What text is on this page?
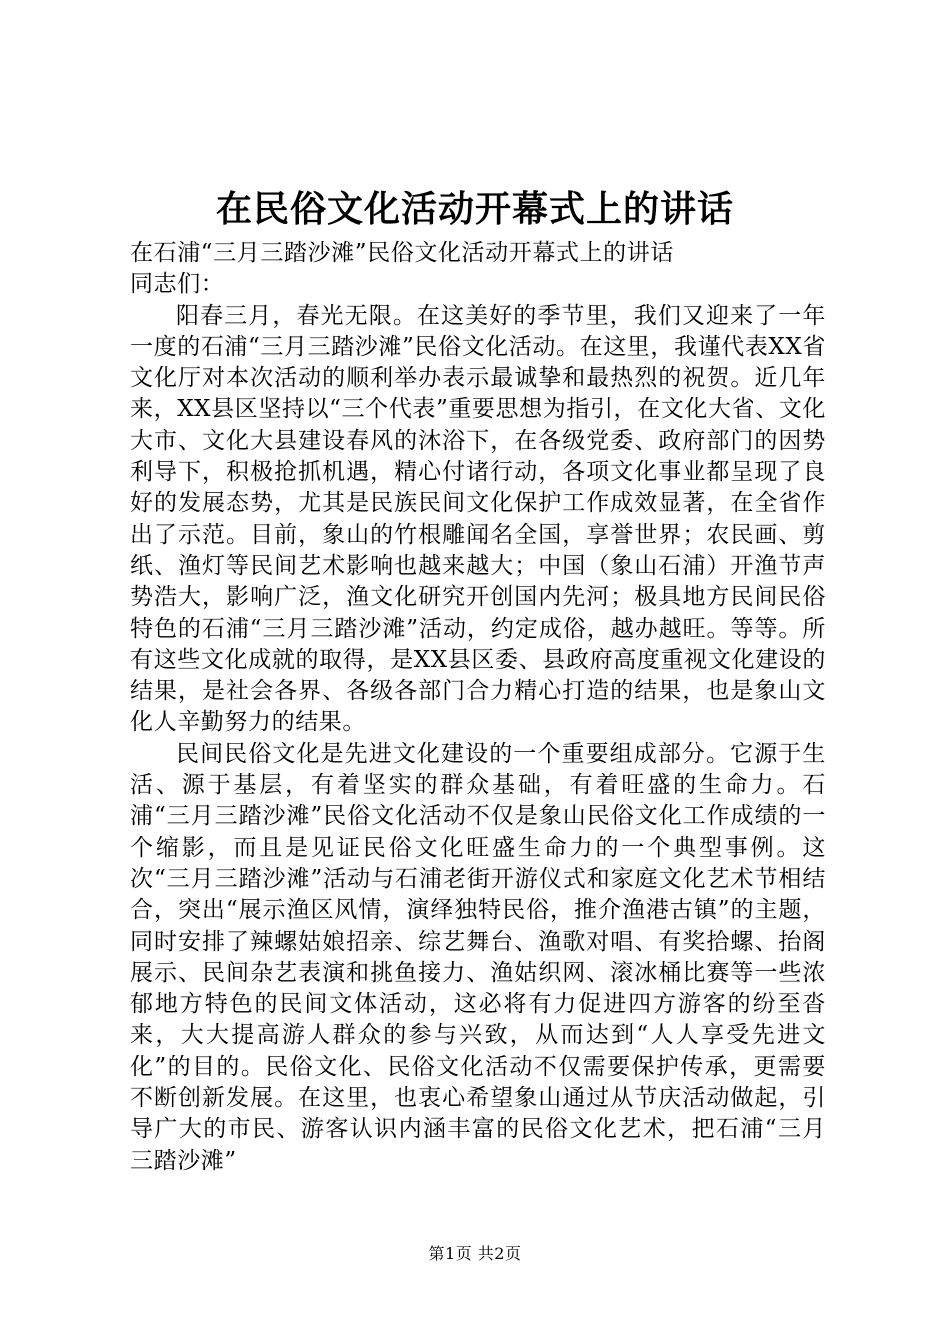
在民俗文化活动开幕式上的讲话

在石浦“三月三踏沙滩”民俗文化活动开幕式上的讲话

同志们：

阳春三月，春光无限。在这美好的季节里，我们又迎来了一年一度的石浦“三月三踏沙滩”民俗文化活动。在这里，我谨代表XX省文化厅对本次活动的顺利举办表示最诚挚和最热烈的祝贺。近几年来，XX县区坚持以“三个代表”重要思想为指引，在文化大省、文化大市、文化大县建设春风的沐浴下，在各级党委、政府部门的因势利导下，积极抢抓机遇，精心付诸行动，各项文化事业都呈现了良好的发展态势，尤其是民族民间文化保护工作成效显著，在全省作出了示范。目前，象山的竹根雕闻名全国，享誉世界；农民画、剪纸、渔灯等民间艺术影响也越来越大；中国（象山石浦）开渔节声势浩大，影响广泛，渔文化研究开创国内先河；极具地方民间民俗特色的石浦“三月三踏沙滩”活动，约定成俗，越办越旺。等等。所有这些文化成就的取得，是XX县区委、县政府高度重视文化建设的结果，是社会各界、各级各部门合力精心打造的结果，也是象山文化人辛勤努力的结果。

民间民俗文化是先进文化建设的一个重要组成部分。它源于生活、源于基层，有着坚实的群众基础，有着旺盛的生命力。石浦“三月三踏沙滩”民俗文化活动不仅是象山民俗文化工作成绩的一个缩影，而且是见证民俗文化旺盛生命力的一个典型事例。这次“三月三踏沙滩”活动与石浦老街开游仪式和家庭文化艺术节相结合，突出“展示渔区风情，演绎独特民俗，推介渔港古镇”的主题，同时安排了辣螺姑娘招亲、综艺舞台、渔歌对唱、有奖拾螺、抬阁展示、民间杂艺表演和挑鱼接力、渔姑织网、滚冰桶比赛等一些浓郁地方特色的民间文体活动，这必将有力促进四方游客的纷至沓来，大大提高游人群众的参与兴致，从而达到“人人享受先进文化”的目的。民俗文化、民俗文化活动不仅需要保护传承，更需要不断创新发展。在这里，也衷心希望象山通过从节庆活动做起，引导广大的市民、游客认识内涵丰富的民俗文化艺术，把石浦“三月三踏沙滩”

第1页 共2页
